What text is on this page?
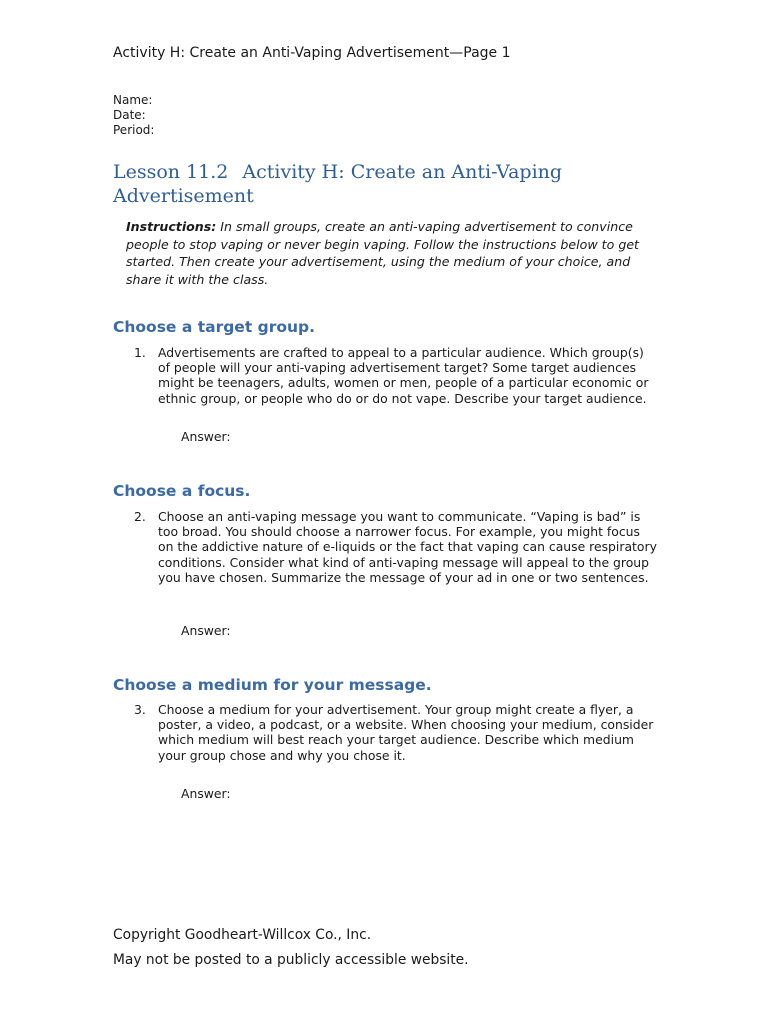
Activity H: Create an Anti-Vaping Advertisement—Page 1
Name:
Date:
Period:
Lesson 11.2 Activity H: Create an Anti-Vaping Advertisement
Instructions: In small groups, create an anti-vaping advertisement to convince people to stop vaping or never begin vaping. Follow the instructions below to get started. Then create your advertisement, using the medium of your choice, and share it with the class.
Choose a target group.
1. Advertisements are crafted to appeal to a particular audience. Which group(s) of people will your anti-vaping advertisement target? Some target audiences might be teenagers, adults, women or men, people of a particular economic or ethnic group, or people who do or do not vape. Describe your target audience.
Answer:
Choose a focus.
2. Choose an anti-vaping message you want to communicate. “Vaping is bad” is too broad. You should choose a narrower focus. For example, you might focus on the addictive nature of e-liquids or the fact that vaping can cause respiratory conditions. Consider what kind of anti-vaping message will appeal to the group you have chosen. Summarize the message of your ad in one or two sentences.
Answer:
Choose a medium for your message.
3. Choose a medium for your advertisement. Your group might create a flyer, a poster, a video, a podcast, or a website. When choosing your medium, consider which medium will best reach your target audience. Describe which medium your group chose and why you chose it.
Answer:
Copyright Goodheart-Willcox Co., Inc.
May not be posted to a publicly accessible website.
